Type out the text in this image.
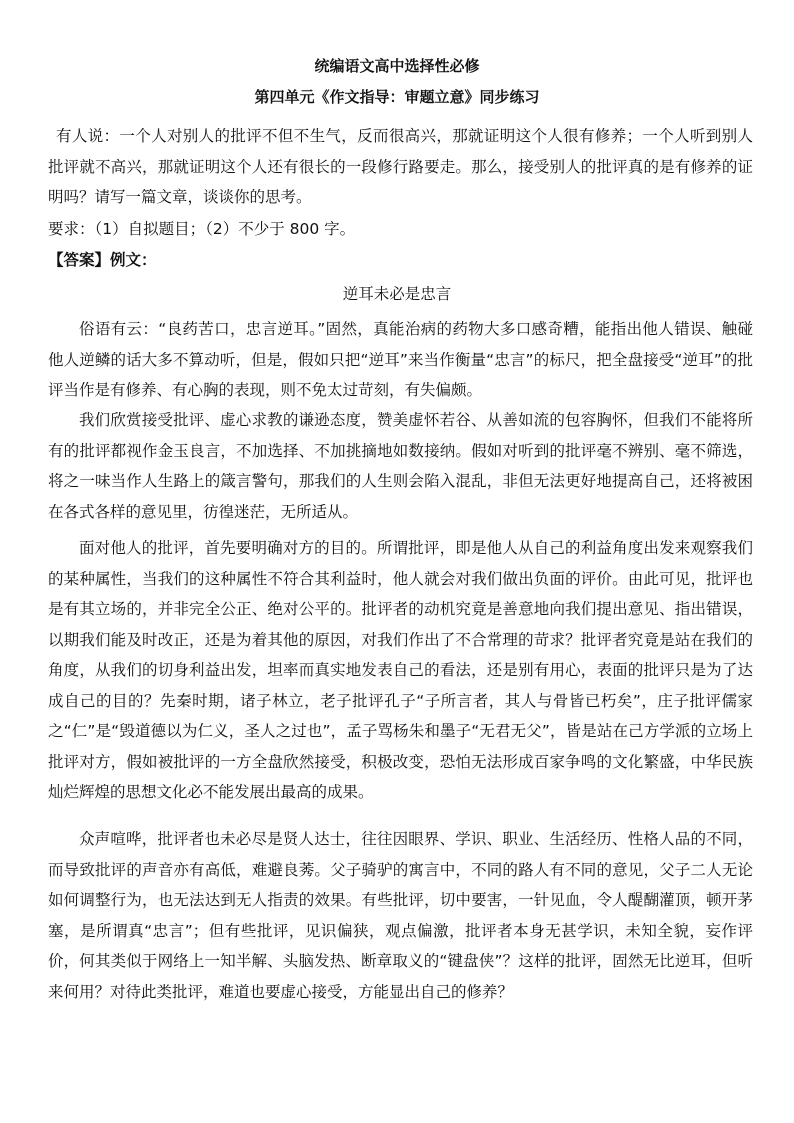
统编语文高中选择性必修
第四单元《作文指导：审题立意》同步练习

有人说：一个人对别人的批评不但不生气，反而很高兴，那就证明这个人很有修养；一个人听到别人批评就不高兴，那就证明这个人还有很长的一段修行路要走。那么，接受别人的批评真的是有修养的证明吗？请写一篇文章，谈谈你的思考。

要求：（1）自拟题目；（2）不少于 800 字。

【答案】例文：
逆耳未必是忠言

俗语有云：“良药苦口，忠言逆耳。”固然，真能治病的药物大多口感奇糟，能指出他人错误、触碰他人逆鳞的话大多不算动听，但是，假如只把“逆耳”来当作衡量“忠言”的标尺，把全盘接受“逆耳”的批评当作是有修养、有心胸的表现，则不免太过苛刻，有失偏颇。

我们欣赏接受批评、虚心求教的谦逊态度，赞美虚怀若谷、从善如流的包容胸怀，但我们不能将所有的批评都视作金玉良言，不加选择、不加挑摘地如数接纳。假如对听到的批评毫不辨别、毫不筛选，将之一味当作人生路上的箴言警句，那我们的人生则会陷入混乱，非但无法更好地提高自己，还将被困在各式各样的意见里，彷徨迷茫，无所适从。

面对他人的批评，首先要明确对方的目的。所谓批评，即是他人从自己的利益角度出发来观察我们的某种属性，当我们的这种属性不符合其利益时，他人就会对我们做出负面的评价。由此可见，批评也是有其立场的，并非完全公正、绝对公平的。批评者的动机究竟是善意地向我们提出意见、指出错误，以期我们能及时改正，还是为着其他的原因，对我们作出了不合常理的苛求？批评者究竟是站在我们的角度，从我们的切身利益出发，坦率而真实地发表自己的看法，还是别有用心，表面的批评只是为了达成自己的目的？先秦时期，诸子林立，老子批评孔子“子所言者，其人与骨皆已朽矣”，庄子批评儒家之“仁”是“毁道德以为仁义，圣人之过也”，孟子骂杨朱和墨子“无君无父”，皆是站在己方学派的立场上批评对方，假如被批评的一方全盘欣然接受，积极改变，恐怕无法形成百家争鸣的文化繁盛，中华民族灿烂辉煌的思想文化必不能发展出最高的成果。

众声喧哗，批评者也未必尽是贤人达士，往往因眼界、学识、职业、生活经历、性格人品的不同，而导致批评的声音亦有高低，难避良莠。父子骑驴的寓言中，不同的路人有不同的意见，父子二人无论如何调整行为，也无法达到无人指责的效果。有些批评，切中要害，一针见血，令人醍醐灌顶，顿开茅塞，是所谓真“忠言”；但有些批评，见识偏狭，观点偏激，批评者本身无甚学识，未知全貌，妄作评价，何其类似于网络上一知半解、头脑发热、断章取义的“键盘侠”？这样的批评，固然无比逆耳，但听来何用？对待此类批评，难道也要虚心接受，方能显出自己的修养？
